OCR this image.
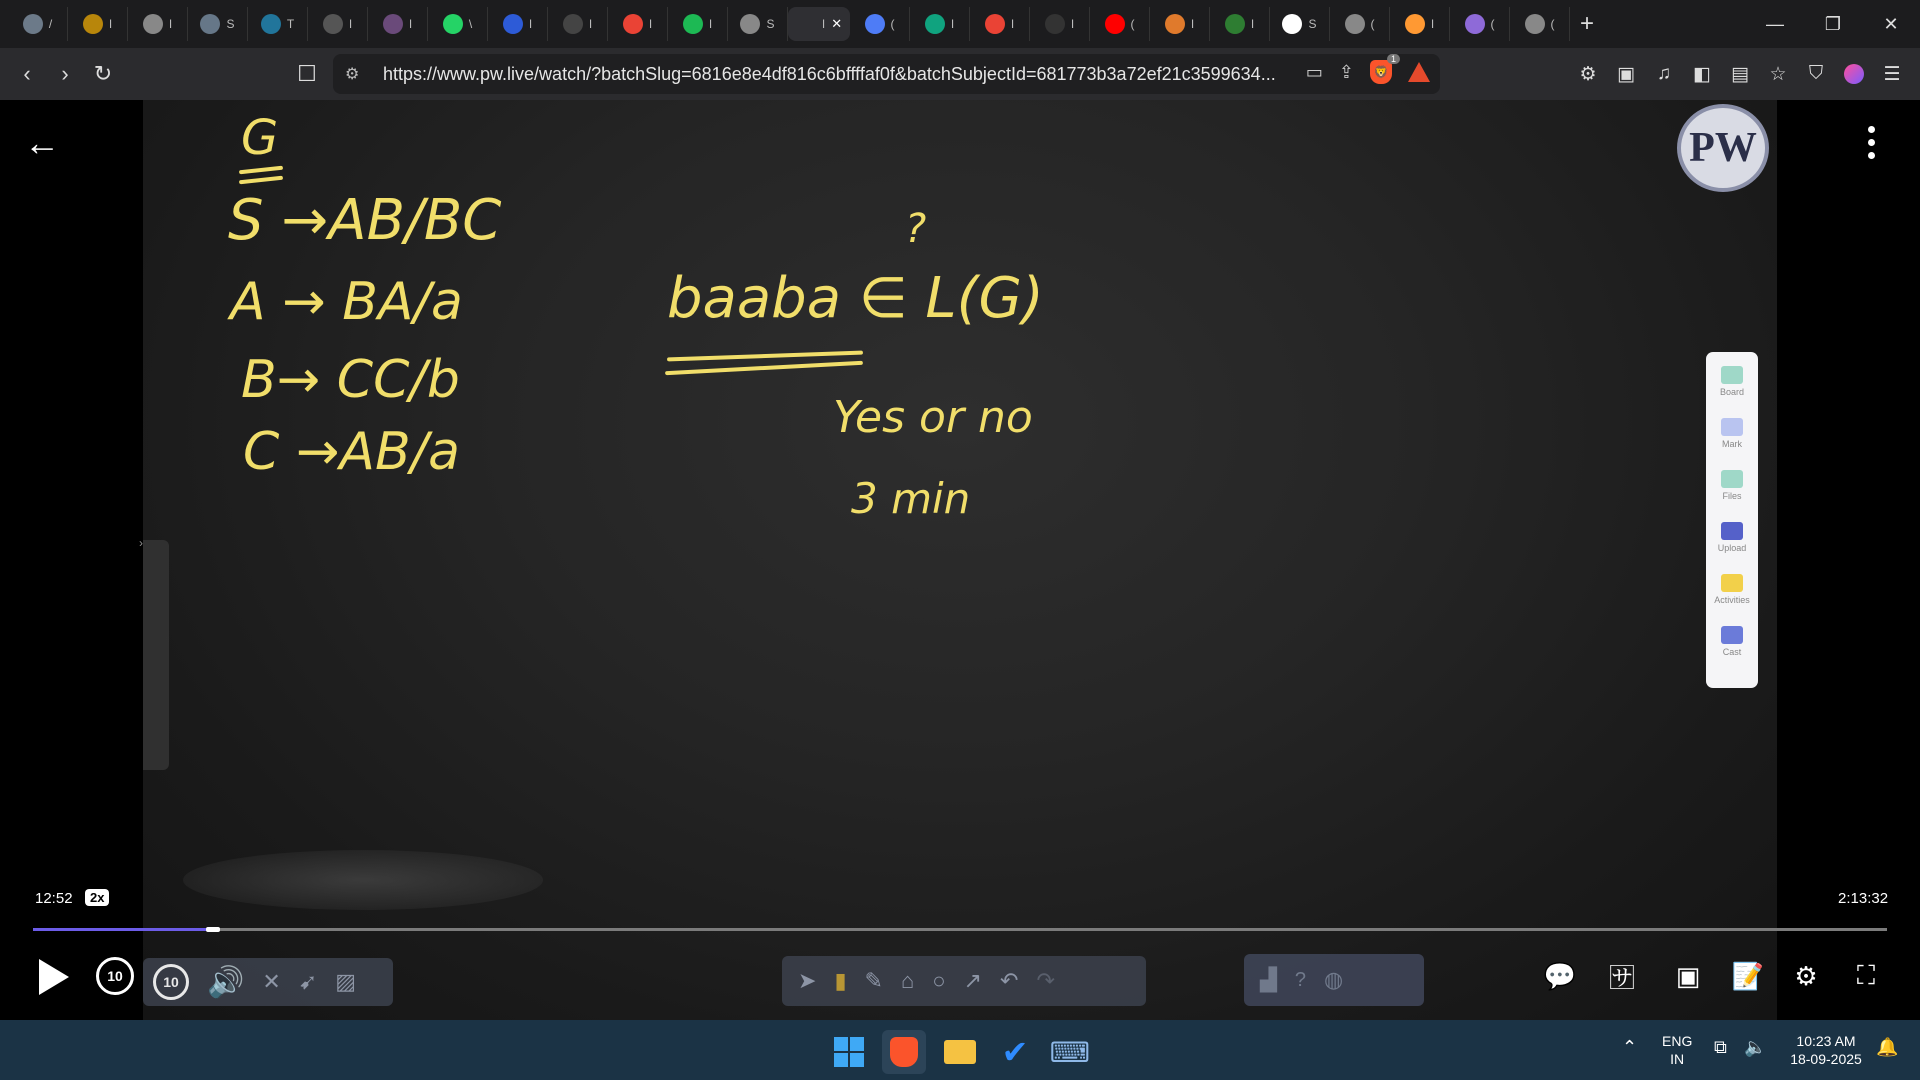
/	I	I	S	T	I	I	\	I	I	I	I	S	I ✕	(	I	I	I	(	I	I	S	(	I	(	( +	—	❐	✕
‹	›	↻	☐	⚙	https://www.pw.live/watch/?batchSlug=6816e8e4df816c6bffffaf0f&batchSubjectId=681773b3a72ef21c3599634... ▭ ⇪ 🦁
1
⚙	▣	♫	◧	▤	☆	⛉	☰
G
S →AB/BC
A → BA/a
B→ CC/b
C →AB/a
?
baaba ∈ L(G)
Yes or no
3 min
›
←	PW
Board
Mark
Files
Upload
Activities
Cast
12:52	2x	2:13:32
10	10 🔊 ✕ ➹ ▨	➤ ▮ ✎ ⌂ ○ ↗ ↶ ↷	▟ ? ◍	💬 🈂 ▣ 📝	⚙	⛶
✔ ⌨	⌃ ENG
IN
⧉ 🔈	10:23 AM
18-09-2025
🔔
